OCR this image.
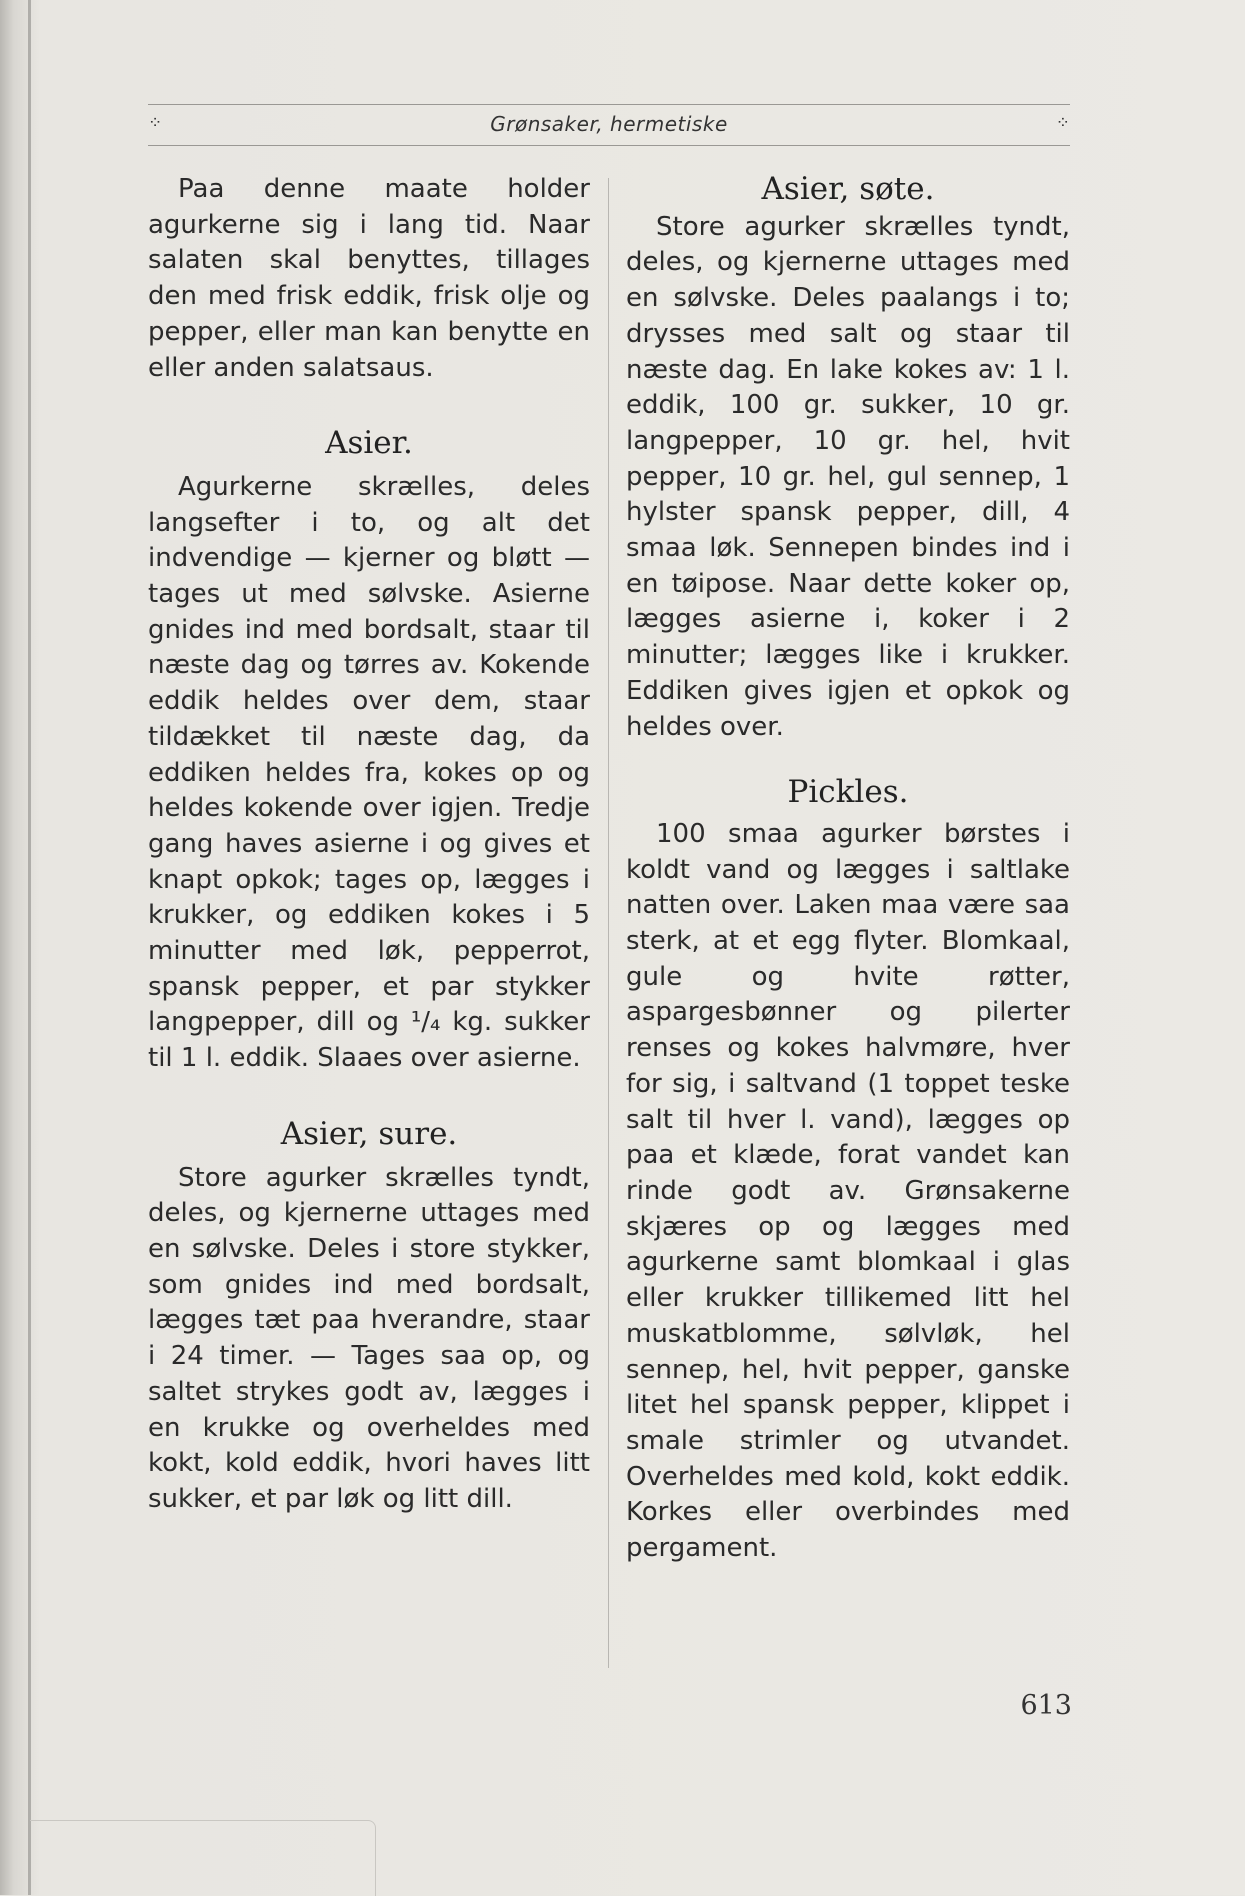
⁘	Grønsaker, hermetiske	⁘

Paa denne maate holder agurkerne sig i lang tid. Naar salaten skal benyttes, tillages den med frisk eddik, frisk olje og pepper, eller man kan benytte en eller anden salatsaus.

Asier.

Agurkerne skrælles, deles langsefter i to, og alt det indvendige — kjerner og bløtt — tages ut med sølvske. Asierne gnides ind med bordsalt, staar til næste dag og tørres av. Kokende eddik heldes over dem, staar tildækket til næste dag, da eddiken heldes fra, kokes op og heldes kokende over igjen. Tredje gang haves asierne i og gives et knapt opkok; tages op, lægges i krukker, og eddiken kokes i 5 minutter med løk, pepperrot, spansk pepper, et par stykker langpepper, dill og ¹/₄ kg. sukker til 1 l. eddik. Slaaes over asierne.

Asier, sure.

Store agurker skrælles tyndt, deles, og kjernerne uttages med en sølvske. Deles i store stykker, som gnides ind med bordsalt, lægges tæt paa hverandre, staar i 24 timer. — Tages saa op, og saltet strykes godt av, lægges i en krukke og overheldes med kokt, kold eddik, hvori haves litt sukker, et par løk og litt dill.

Asier, søte.

Store agurker skrælles tyndt, deles, og kjernerne uttages med en sølvske. Deles paalangs i to; drysses med salt og staar til næste dag. En lake kokes av: 1 l. eddik, 100 gr. sukker, 10 gr. langpepper, 10 gr. hel, hvit pepper, 10 gr. hel, gul sennep, 1 hylster spansk pepper, dill, 4 smaa løk. Sennepen bindes ind i en tøipose. Naar dette koker op, lægges asierne i, koker i 2 minutter; lægges like i krukker. Eddiken gives igjen et opkok og heldes over.

Pickles.

100 smaa agurker børstes i koldt vand og lægges i saltlake natten over. Laken maa være saa sterk, at et egg flyter. Blomkaal, gule og hvite røtter, aspargesbønner og pilerter renses og kokes halvmøre, hver for sig, i saltvand (1 toppet teske salt til hver l. vand), lægges op paa et klæde, forat vandet kan rinde godt av. Grønsakerne skjæres op og lægges med agurkerne samt blomkaal i glas eller krukker tillikemed litt hel muskatblomme, sølvløk, hel sennep, hel, hvit pepper, ganske litet hel spansk pepper, klippet i smale strimler og utvandet. Overheldes med kold, kokt eddik. Korkes eller overbindes med pergament.

613
